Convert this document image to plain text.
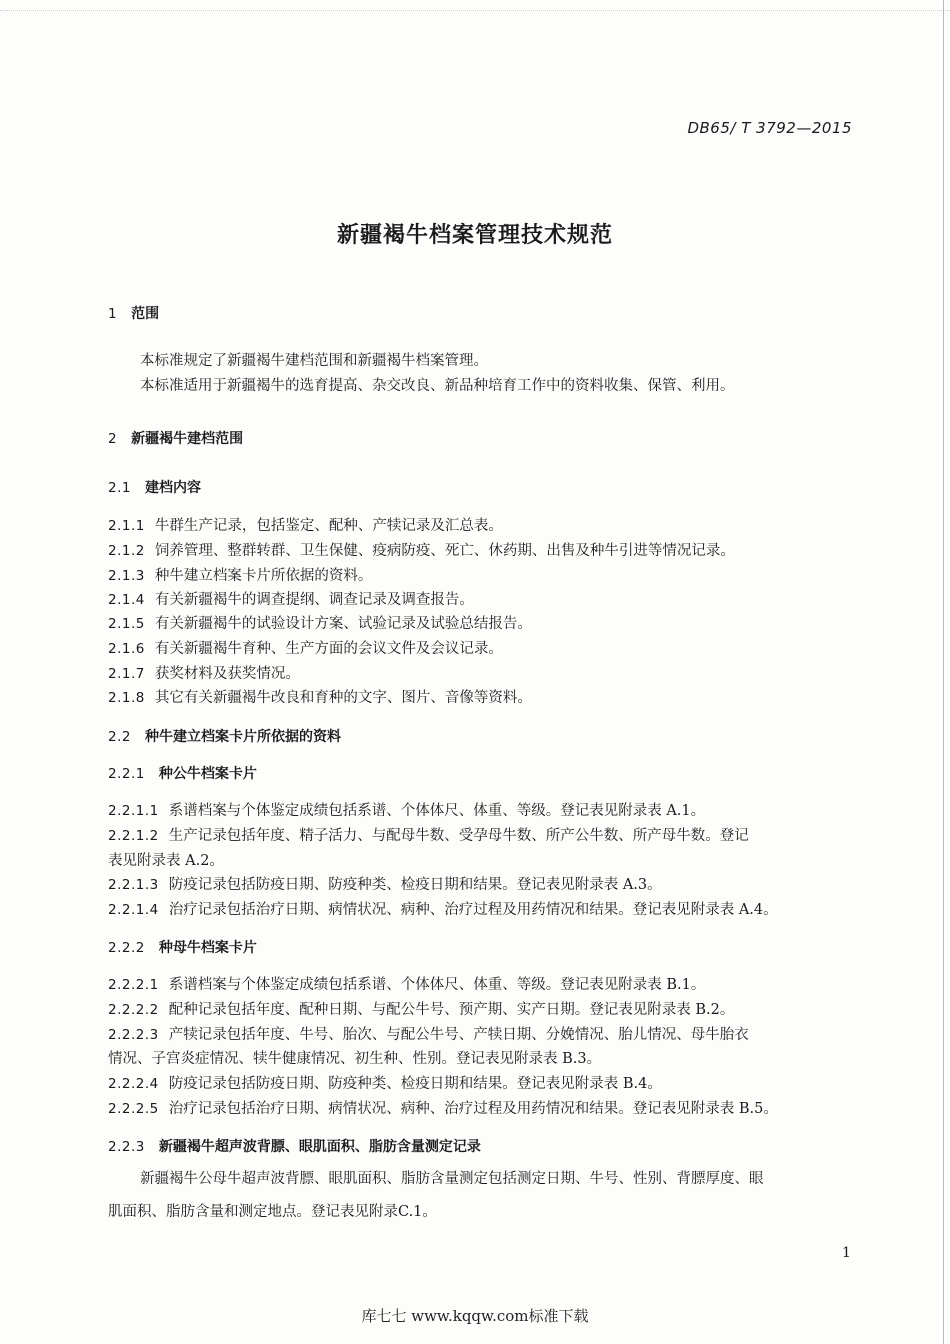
DB65/ T 3792—2015
新疆褐牛档案管理技术规范
1 范围
本标准规定了新疆褐牛建档范围和新疆褐牛档案管理。
本标准适用于新疆褐牛的选育提高、杂交改良、新品种培育工作中的资料收集、保管、利用。
2 新疆褐牛建档范围
2.1 建档内容
2.1.1 牛群生产记录，包括鉴定、配种、产犊记录及汇总表。
2.1.2 饲养管理、整群转群、卫生保健、疫病防疫、死亡、休药期、出售及种牛引进等情况记录。
2.1.3 种牛建立档案卡片所依据的资料。
2.1.4 有关新疆褐牛的调查提纲、调查记录及调查报告。
2.1.5 有关新疆褐牛的试验设计方案、试验记录及试验总结报告。
2.1.6 有关新疆褐牛育种、生产方面的会议文件及会议记录。
2.1.7 获奖材料及获奖情况。
2.1.8 其它有关新疆褐牛改良和育种的文字、图片、音像等资料。
2.2 种牛建立档案卡片所依据的资料
2.2.1 种公牛档案卡片
2.2.1.1 系谱档案与个体鉴定成绩包括系谱、个体体尺、体重、等级。登记表见附录表 A.1。
2.2.1.2 生产记录包括年度、精子活力、与配母牛数、受孕母牛数、所产公牛数、所产母牛数。登记
表见附录表 A.2。
2.2.1.3 防疫记录包括防疫日期、防疫种类、检疫日期和结果。登记表见附录表 A.3。
2.2.1.4 治疗记录包括治疗日期、病情状况、病种、治疗过程及用药情况和结果。登记表见附录表 A.4。
2.2.2 种母牛档案卡片
2.2.2.1 系谱档案与个体鉴定成绩包括系谱、个体体尺、体重、等级。登记表见附录表 B.1。
2.2.2.2 配种记录包括年度、配种日期、与配公牛号、预产期、实产日期。登记表见附录表 B.2。
2.2.2.3 产犊记录包括年度、牛号、胎次、与配公牛号、产犊日期、分娩情况、胎儿情况、母牛胎衣
情况、子宫炎症情况、犊牛健康情况、初生种、性别。登记表见附录表 B.3。
2.2.2.4 防疫记录包括防疫日期、防疫种类、检疫日期和结果。登记表见附录表 B.4。
2.2.2.5 治疗记录包括治疗日期、病情状况、病种、治疗过程及用药情况和结果。登记表见附录表 B.5。
2.2.3 新疆褐牛超声波背膘、眼肌面积、脂肪含量测定记录
新疆褐牛公母牛超声波背膘、眼肌面积、脂肪含量测定包括测定日期、牛号、性别、背膘厚度、眼
肌面积、脂肪含量和测定地点。登记表见附录C.1。
1
库七七 www.kqqw.com标准下载
